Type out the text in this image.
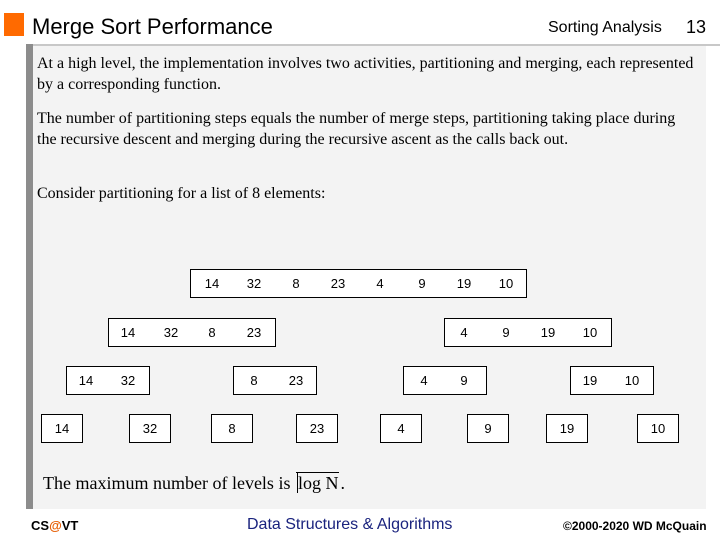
Merge Sort Performance	Sorting Analysis 13
At a high level, the implementation involves two activities, partitioning and merging, each represented by a corresponding function.
The number of partitioning steps equals the number of merge steps, partitioning taking place during the recursive descent and merging during the recursive ascent as the calls back out.
Consider partitioning for a list of 8 elements:
14 32	8	23	4	9	19 10
14 32	8	23	4	9	19 10
14 32	8	23	4	9	19 10
14	32	8	23	4	9	19	10
The maximum number of levels is log N .
CS@VT	Data Structures & Algorithms	©2000-2020 WD McQuain
